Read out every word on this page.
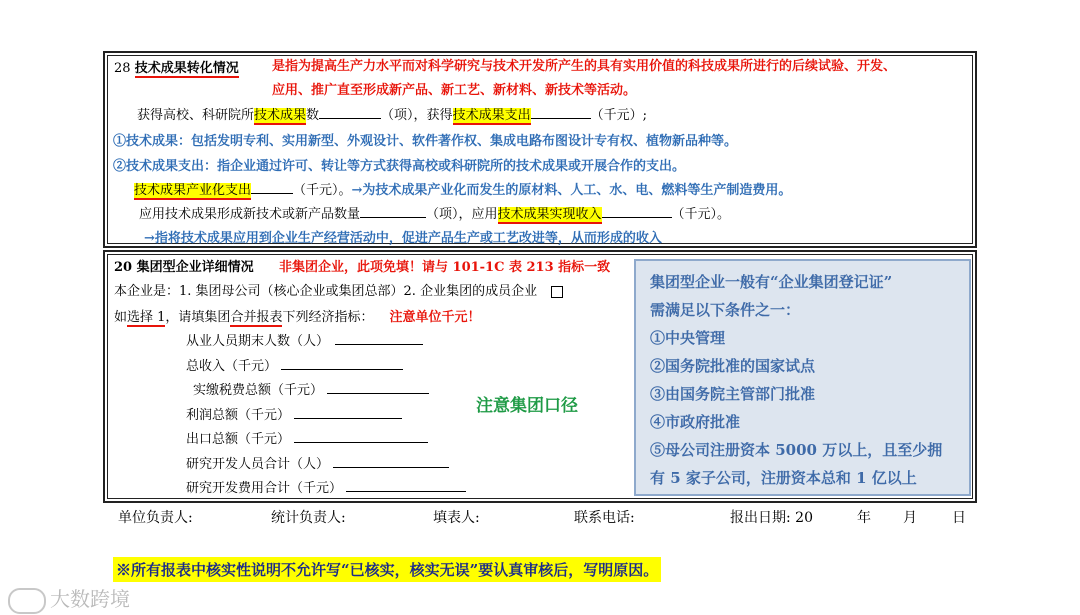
28 技术成果转化情况	是指为提高生产力水平而对科学研究与技术开发所产生的具有实用价值的科技成果所进行的后续试验、开发、
应用、推广直至形成新产品、新工艺、新材料、新技术等活动。
获得高校、科研院所技术成果数	（项），获得技术成果支出	（千元）;
①技术成果：包括发明专利、实用新型、外观设计、软件著作权、集成电路布图设计专有权、植物新品种等。
②技术成果支出：指企业通过许可、转让等方式获得高校或科研院所的技术成果或开展合作的支出。
技术成果产业化支出	（千元）。→为技术成果产业化而发生的原材料、人工、水、电、燃料等生产制造费用。
应用技术成果形成新技术或新产品数量	（项），应用技术成果实现收入	（千元）。
→指将技术成果应用到企业生产经营活动中，促进产品生产或工艺改进等，从而形成的收入
20 集团型企业详细情况 非集团企业，此项免填！请与 101-1C 表 213 指标一致
本企业是：1. 集团母公司（核心企业或集团总部）2. 企业集团的成员企业
如选择 1，请填集团合并报表下列经济指标： 注意单位千元！
从业人员期末人数（人）
总收入（千元）
实缴税费总额（千元）
利润总额（千元）
出口总额（千元）
研究开发人员合计（人）
研究开发费用合计（千元）
注意集团口径
集团型企业一般有“企业集团登记证”
需满足以下条件之一：
①中央管理
②国务院批准的国家试点
③由国务院主管部门批准
④市政府批准
⑤母公司注册资本 5000 万以上，且至少拥
有 5 家子公司，注册资本总和 1 亿以上
单位负责人:	统计负责人:	填表人:	联系电话:	报出日期: 20	年 月	日
※所有报表中核实性说明不允许写“已核实，核实无误”要认真审核后，写明原因。
大数跨境
